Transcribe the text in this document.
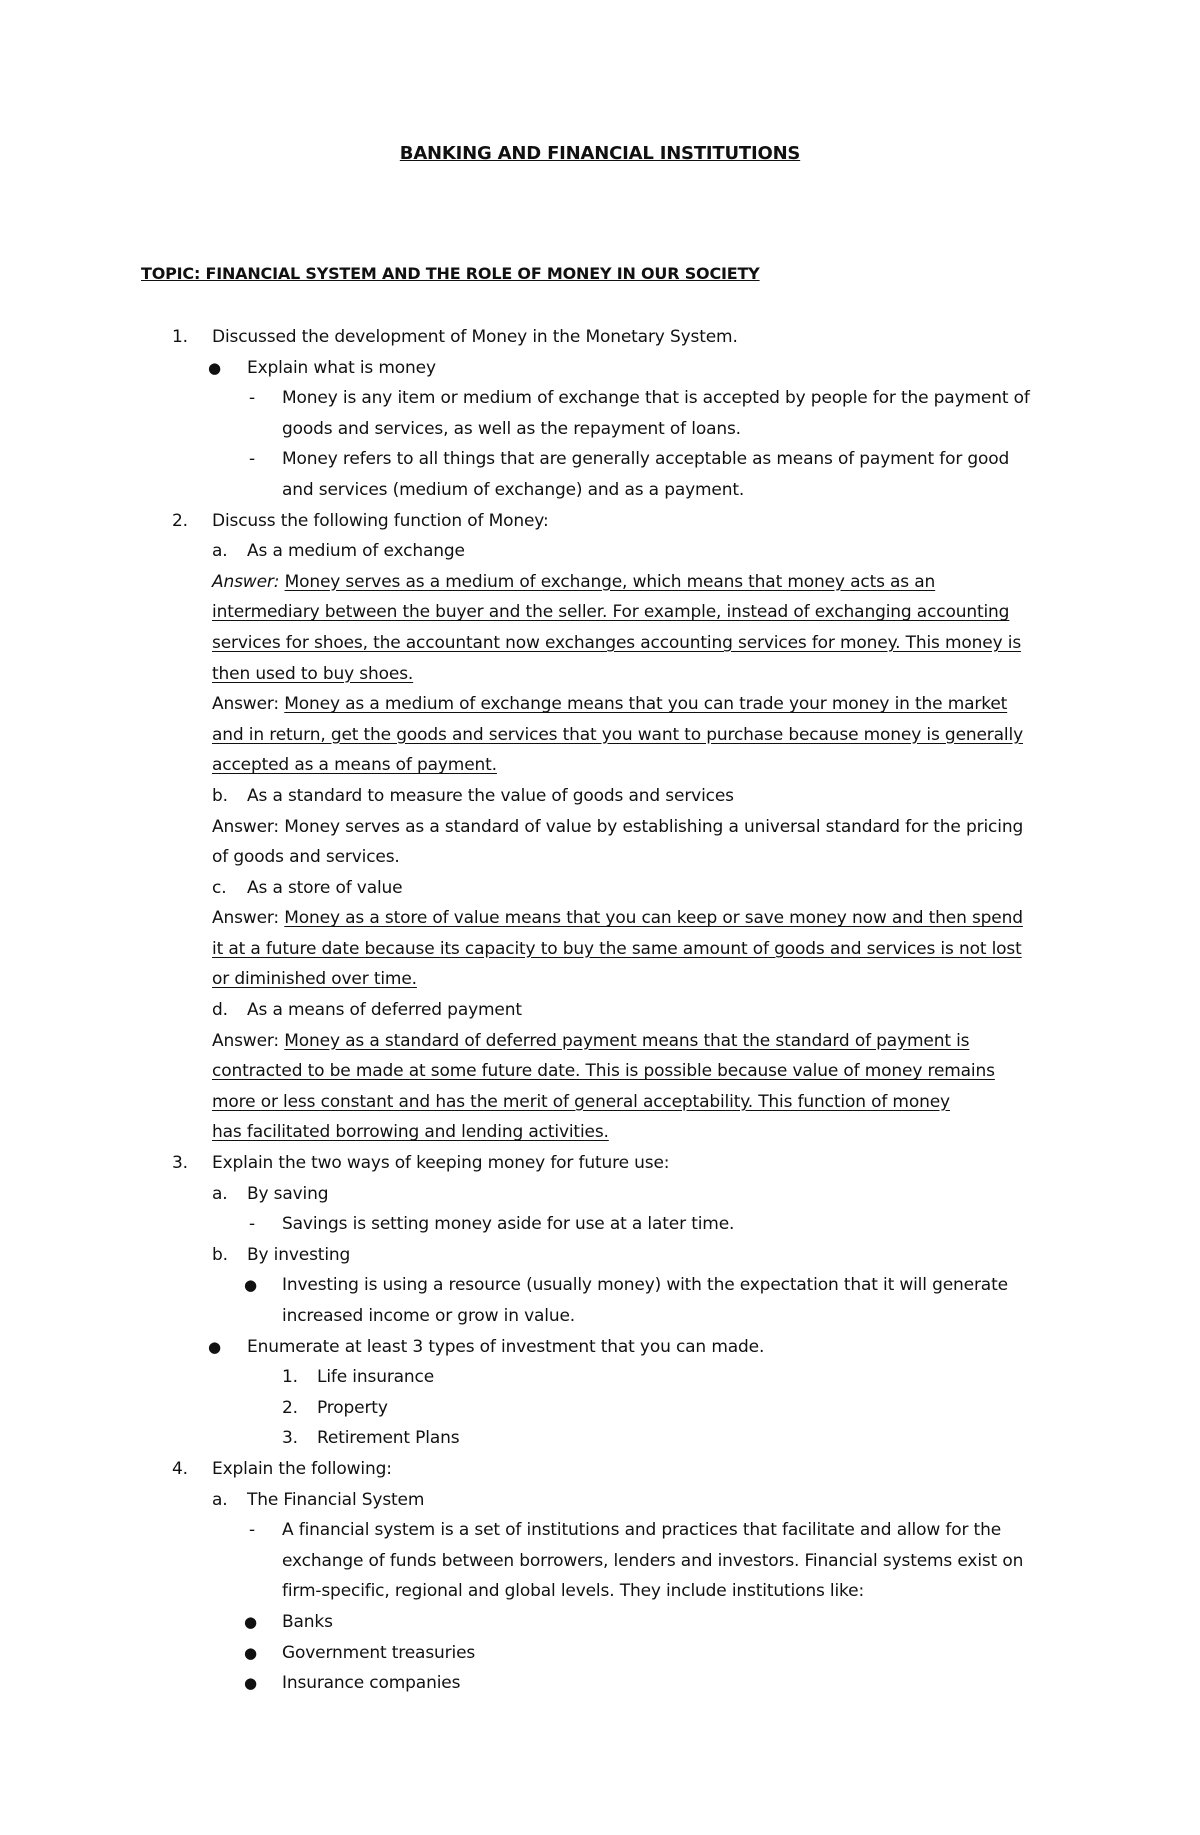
BANKING AND FINANCIAL INSTITUTIONS
TOPIC: FINANCIAL SYSTEM AND THE ROLE OF MONEY IN OUR SOCIETY
1. Discussed the development of Money in the Monetary System.
● Explain what is money
- Money is any item or medium of exchange that is accepted by people for the payment of
goods and services, as well as the repayment of loans.
- Money refers to all things that are generally acceptable as means of payment for good
and services (medium of exchange) and as a payment.
2. Discuss the following function of Money:
a. As a medium of exchange
Answer: Money serves as a medium of exchange, which means that money acts as an
intermediary between the buyer and the seller. For example, instead of exchanging accounting
services for shoes, the accountant now exchanges accounting services for money. This money is
then used to buy shoes.
Answer: Money as a medium of exchange means that you can trade your money in the market
and in return, get the goods and services that you want to purchase because money is generally
accepted as a means of payment.
b. As a standard to measure the value of goods and services
Answer: Money serves as a standard of value by establishing a universal standard for the pricing
of goods and services.
c. As a store of value
Answer: Money as a store of value means that you can keep or save money now and then spend
it at a future date because its capacity to buy the same amount of goods and services is not lost
or diminished over time.
d. As a means of deferred payment
Answer: Money as a standard of deferred payment means that the standard of payment is
contracted to be made at some future date. This is possible because value of money remains
more or less constant and has the merit of general acceptability. This function of money
has facilitated borrowing and lending activities.
3. Explain the two ways of keeping money for future use:
a. By saving
- Savings is setting money aside for use at a later time.
b. By investing
● Investing is using a resource (usually money) with the expectation that it will generate
increased income or grow in value.
● Enumerate at least 3 types of investment that you can made.
1. Life insurance
2. Property
3. Retirement Plans
4. Explain the following:
a. The Financial System
- A financial system is a set of institutions and practices that facilitate and allow for the
exchange of funds between borrowers, lenders and investors. Financial systems exist on
firm-specific, regional and global levels. They include institutions like:
● Banks
● Government treasuries
● Insurance companies
